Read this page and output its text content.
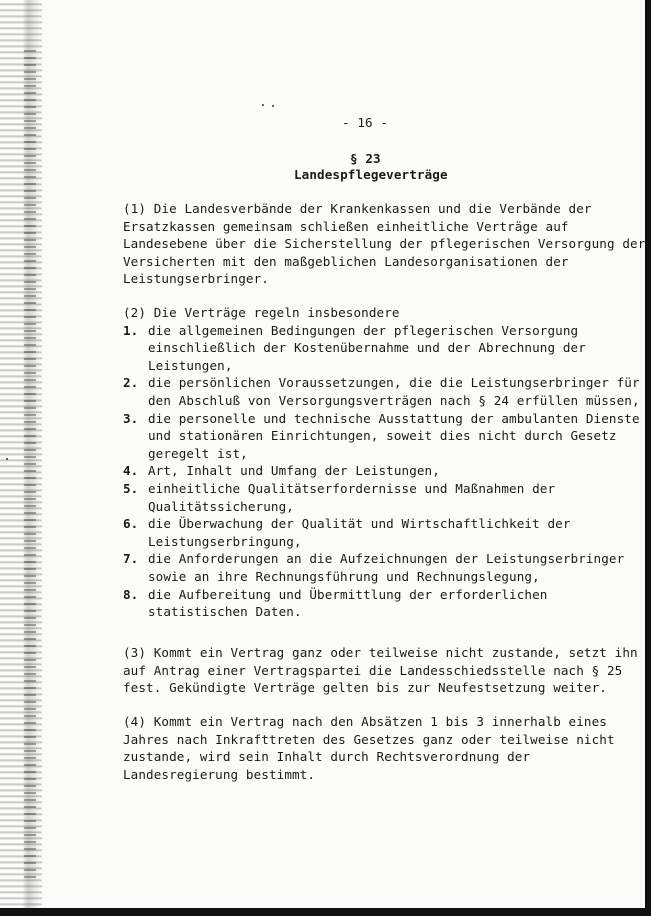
- 16 -
§ 23
Landespflegeverträge
(1) Die Landesverbände der Krankenkassen und die Verbände der
Ersatzkassen gemeinsam schließen einheitliche Verträge auf
Landesebene über die Sicherstellung der pflegerischen Versorgung der
Versicherten mit den maßgeblichen Landesorganisationen der
Leistungserbringer.
(2) Die Verträge regeln insbesondere
1. die allgemeinen Bedingungen der pflegerischen Versorgung
einschließlich der Kostenübernahme und der Abrechnung der
Leistungen,
2. die persönlichen Voraussetzungen, die die Leistungserbringer für
den Abschluß von Versorgungsverträgen nach § 24 erfüllen müssen,
3. die personelle und technische Ausstattung der ambulanten Dienste
und stationären Einrichtungen, soweit dies nicht durch Gesetz
geregelt ist,
4. Art, Inhalt und Umfang der Leistungen,
5. einheitliche Qualitätserfordernisse und Maßnahmen der
Qualitätssicherung,
6. die Überwachung der Qualität und Wirtschaftlichkeit der
Leistungserbringung,
7. die Anforderungen an die Aufzeichnungen der Leistungserbringer
sowie an ihre Rechnungsführung und Rechnungslegung,
8. die Aufbereitung und Übermittlung der erforderlichen
statistischen Daten.
(3) Kommt ein Vertrag ganz oder teilweise nicht zustande, setzt ihn
auf Antrag einer Vertragspartei die Landesschiedsstelle nach § 25
fest. Gekündigte Verträge gelten bis zur Neufestsetzung weiter.
(4) Kommt ein Vertrag nach den Absätzen 1 bis 3 innerhalb eines
Jahres nach Inkrafttreten des Gesetzes ganz oder teilweise nicht
zustande, wird sein Inhalt durch Rechtsverordnung der
Landesregierung bestimmt.
